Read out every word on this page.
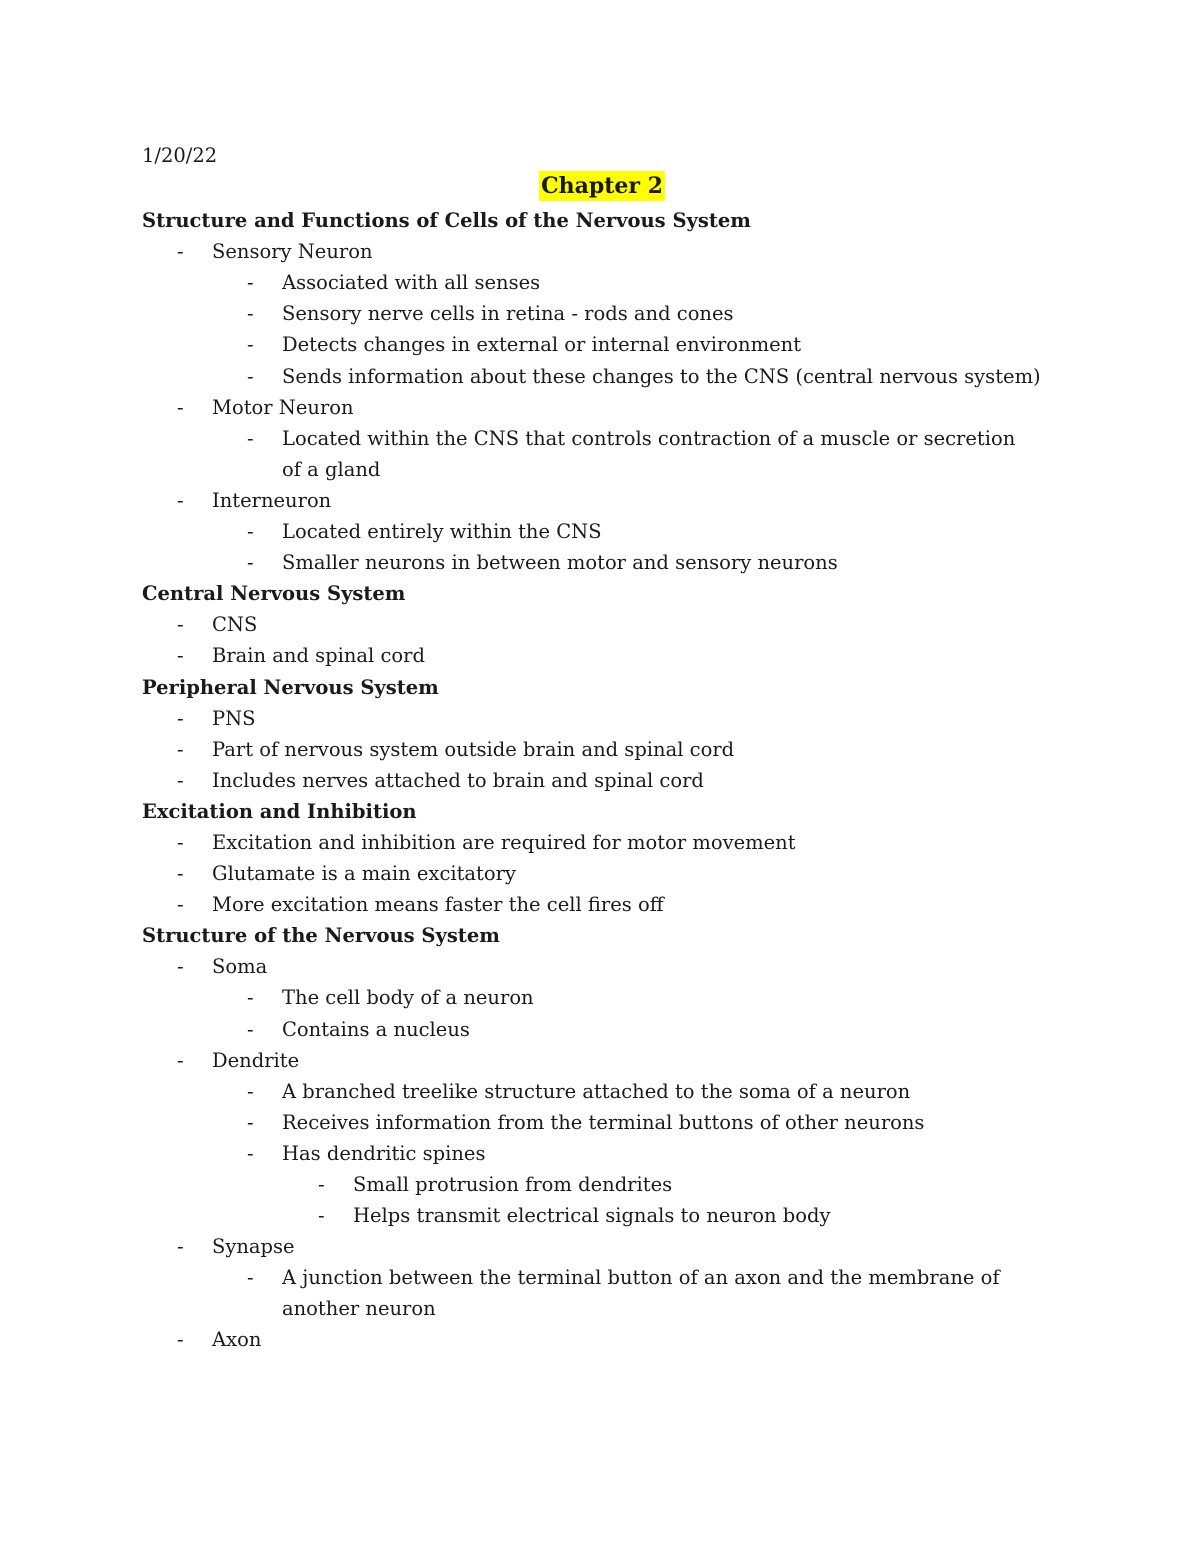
1/20/22
Chapter 2
Structure and Functions of Cells of the Nervous System
- Sensory Neuron
- Associated with all senses
- Sensory nerve cells in retina - rods and cones
- Detects changes in external or internal environment
- Sends information about these changes to the CNS (central nervous system)
- Motor Neuron
- Located within the CNS that controls contraction of a muscle or secretion of a gland
- Interneuron
- Located entirely within the CNS
- Smaller neurons in between motor and sensory neurons
Central Nervous System
- CNS
- Brain and spinal cord
Peripheral Nervous System
- PNS
- Part of nervous system outside brain and spinal cord
- Includes nerves attached to brain and spinal cord
Excitation and Inhibition
- Excitation and inhibition are required for motor movement
- Glutamate is a main excitatory
- More excitation means faster the cell fires off
Structure of the Nervous System
- Soma
- The cell body of a neuron
- Contains a nucleus
- Dendrite
- A branched treelike structure attached to the soma of a neuron
- Receives information from the terminal buttons of other neurons
- Has dendritic spines
- Small protrusion from dendrites
- Helps transmit electrical signals to neuron body
- Synapse
- A junction between the terminal button of an axon and the membrane of another neuron
- Axon
